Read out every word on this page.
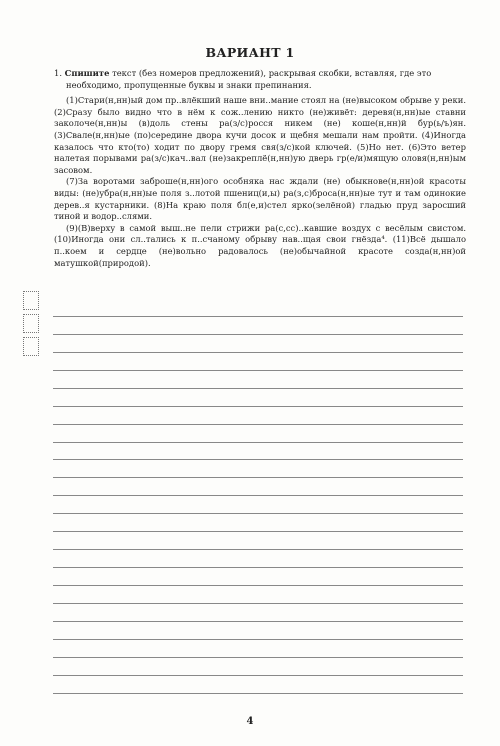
ВАРИАНТ 1

1. Спишите текст (без номеров предложений), раскрывая скобки, вставляя, где это необходимо, пропущенные буквы и знаки препинания.

(1)Стари(н,нн)ый дом пр..влёкший наше вни..мание стоял на (не)высоком обрыве у реки. (2)Сразу было видно что в нём к сож..лению никто (не)живёт: деревя(н,нн)ые ставни заколоче(н,нн)ы (в)доль стены ра(з/с)росся никем (не) коше(н,нн)й бур(ь/ъ)ян. (3)Свале(н,нн)ые (по)середине двора кучи досок и щебня мешали нам пройти. (4)Иногда казалось что кто(то) ходит по двору гремя свя(з/с)кой ключей. (5)Но нет. (6)Это ветер налетая порывами ра(з/с)кач..вал (не)закреплё(н,нн)ую дверь гр(е/и)мящую оловя(н,нн)ым засовом.

(7)За воротами заброше(н,нн)ого особняка нас ждали (не) обыкнове(н,нн)ой красоты виды: (не)убра(н,нн)ые поля з..лотой пшениц(и,ы) ра(з,с)броса(н,нн)ые тут и там одинокие дерев..я кустарники. (8)На краю поля бл(е,и)стел ярко(зелёной) гладью пруд заросший тиной и водор..слями.

(9)(В)верху в самой выш..не пели стрижи ра(с,сс)..кавшие воздух с весёлым свистом. (10)Иногда они сл..тались к п..счаному обрыву нав..щая свои гнёзда⁴. (11)Всё дышало п..коем и сердце (не)вольно радовалось (не)обычайной красоте созда(н,нн)ой матушкой(природой).

4
